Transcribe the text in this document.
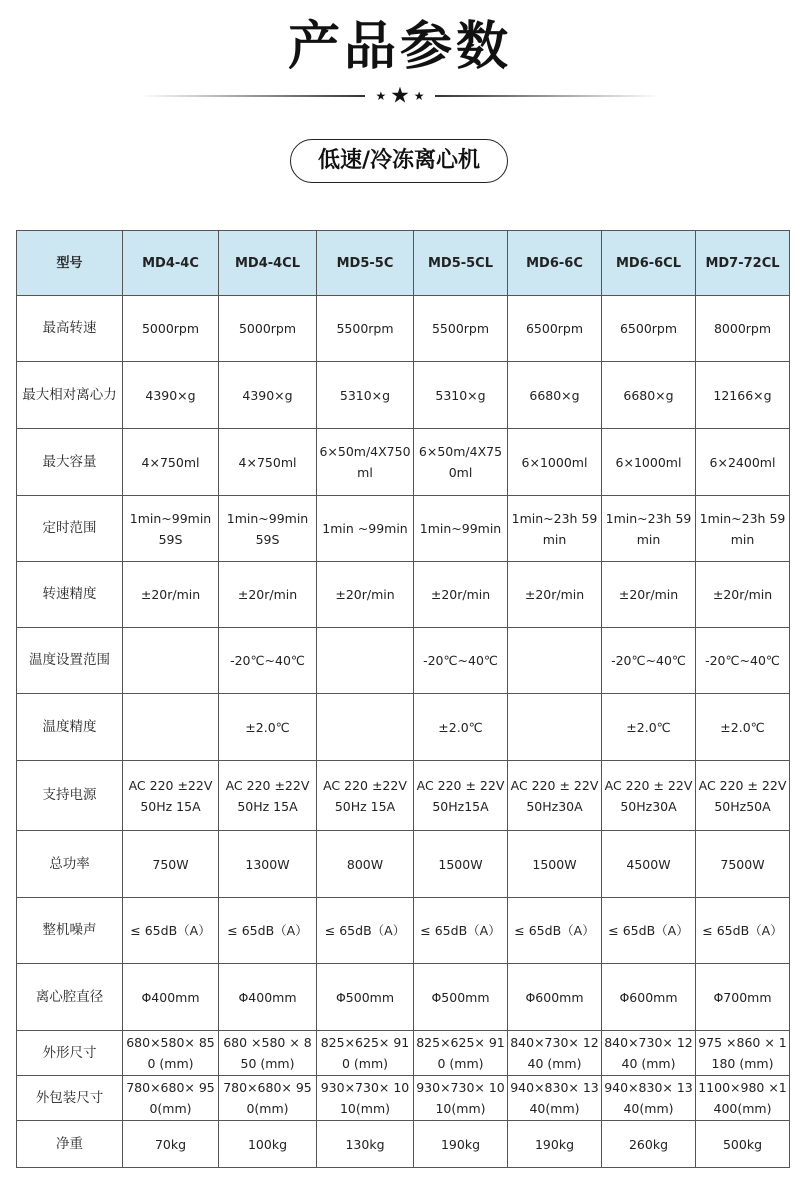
产品参数
★ ★ ★
低速/冷冻离心机
型号	MD4-4C	MD4-4CL	MD5-5C	MD5-5CL	MD6-6C	MD6-6CL	MD7-72CL
最高转速	5000rpm	5000rpm	5500rpm	5500rpm	6500rpm	6500rpm	8000rpm
最大相对离心力	4390×g	4390×g	5310×g	5310×g	6680×g	6680×g	12166×g
最大容量	4×750ml	4×750ml	6×50m/4X750ml	6×50m/4X750ml	6×1000ml	6×1000ml	6×2400ml
定时范围	1min~99min 59S	1min~99min 59S	1min ~99min	1min~99min	1min~23h 59min	1min~23h 59min	1min~23h 59min
转速精度	±20r/min	±20r/min	±20r/min	±20r/min	±20r/min	±20r/min	±20r/min
温度设置范围		-20℃~40℃		-20℃~40℃		-20℃~40℃	-20℃~40℃
温度精度		±2.0℃		±2.0℃		±2.0℃	±2.0℃
支持电源	AC 220 ±22V 50Hz 15A	AC 220 ±22V 50Hz 15A	AC 220 ±22V 50Hz 15A	AC 220 ± 22V50Hz15A	AC 220 ± 22V50Hz30A	AC 220 ± 22V50Hz30A	AC 220 ± 22V50Hz50A
总功率	750W	1300W	800W	1500W	1500W	4500W	7500W
整机噪声	≤ 65dB（A）	≤ 65dB（A）	≤ 65dB（A）	≤ 65dB（A）	≤ 65dB（A）	≤ 65dB（A）	≤ 65dB（A）
离心腔直径	Φ400mm	Φ400mm	Φ500mm	Φ500mm	Φ600mm	Φ600mm	Φ700mm
外形尺寸	680×580× 850 (mm)	680 ×580 × 850 (mm)	825×625× 910 (mm)	825×625× 910 (mm)	840×730× 1240 (mm)	840×730× 1240 (mm)	975 ×860 × 1180 (mm)
外包装尺寸	780×680× 950(mm)	780×680× 950(mm)	930×730× 1010(mm)	930×730× 1010(mm)	940×830× 1340(mm)	940×830× 1340(mm)	1100×980 ×1400(mm)
净重	70kg	100kg	130kg	190kg	190kg	260kg	500kg
